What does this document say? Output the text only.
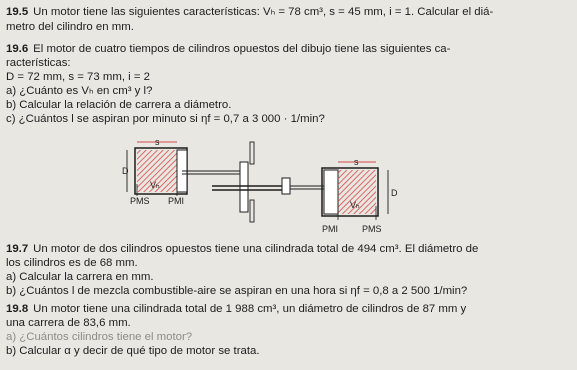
19.5 Un motor tiene las siguientes características: Vₕ = 78 cm³, s = 45 mm, i = 1. Calcular el diá-
metro del cilindro en mm.
19.6 El motor de cuatro tiempos de cilindros opuestos del dibujo tiene las siguientes ca-
racterísticas:
D = 72 mm, s = 73 mm, i = 2
a) ¿Cuánto es Vₕ en cm³ y l?
b) Calcular la relación de carrera a diámetro.
c) ¿Cuántos l se aspiran por minuto si ηf = 0,7 a 3 000 · 1/min?
s
D
Vₕ
PMS PMI
s
D
Vₕ
PMI	PMS
19.7 Un motor de dos cilindros opuestos tiene una cilindrada total de 494 cm³. El diámetro de
los cilindros es de 68 mm.
a) Calcular la carrera en mm.
b) ¿Cuántos l de mezcla combustible-aire se aspiran en una hora si ηf = 0,8 a 2 500 1/min?
19.8 Un motor tiene una cilindrada total de 1 988 cm³, un diámetro de cilindros de 87 mm y
una carrera de 83,6 mm.
a) ¿Cuántos cilindros tiene el motor?
b) Calcular α y decir de qué tipo de motor se trata.
